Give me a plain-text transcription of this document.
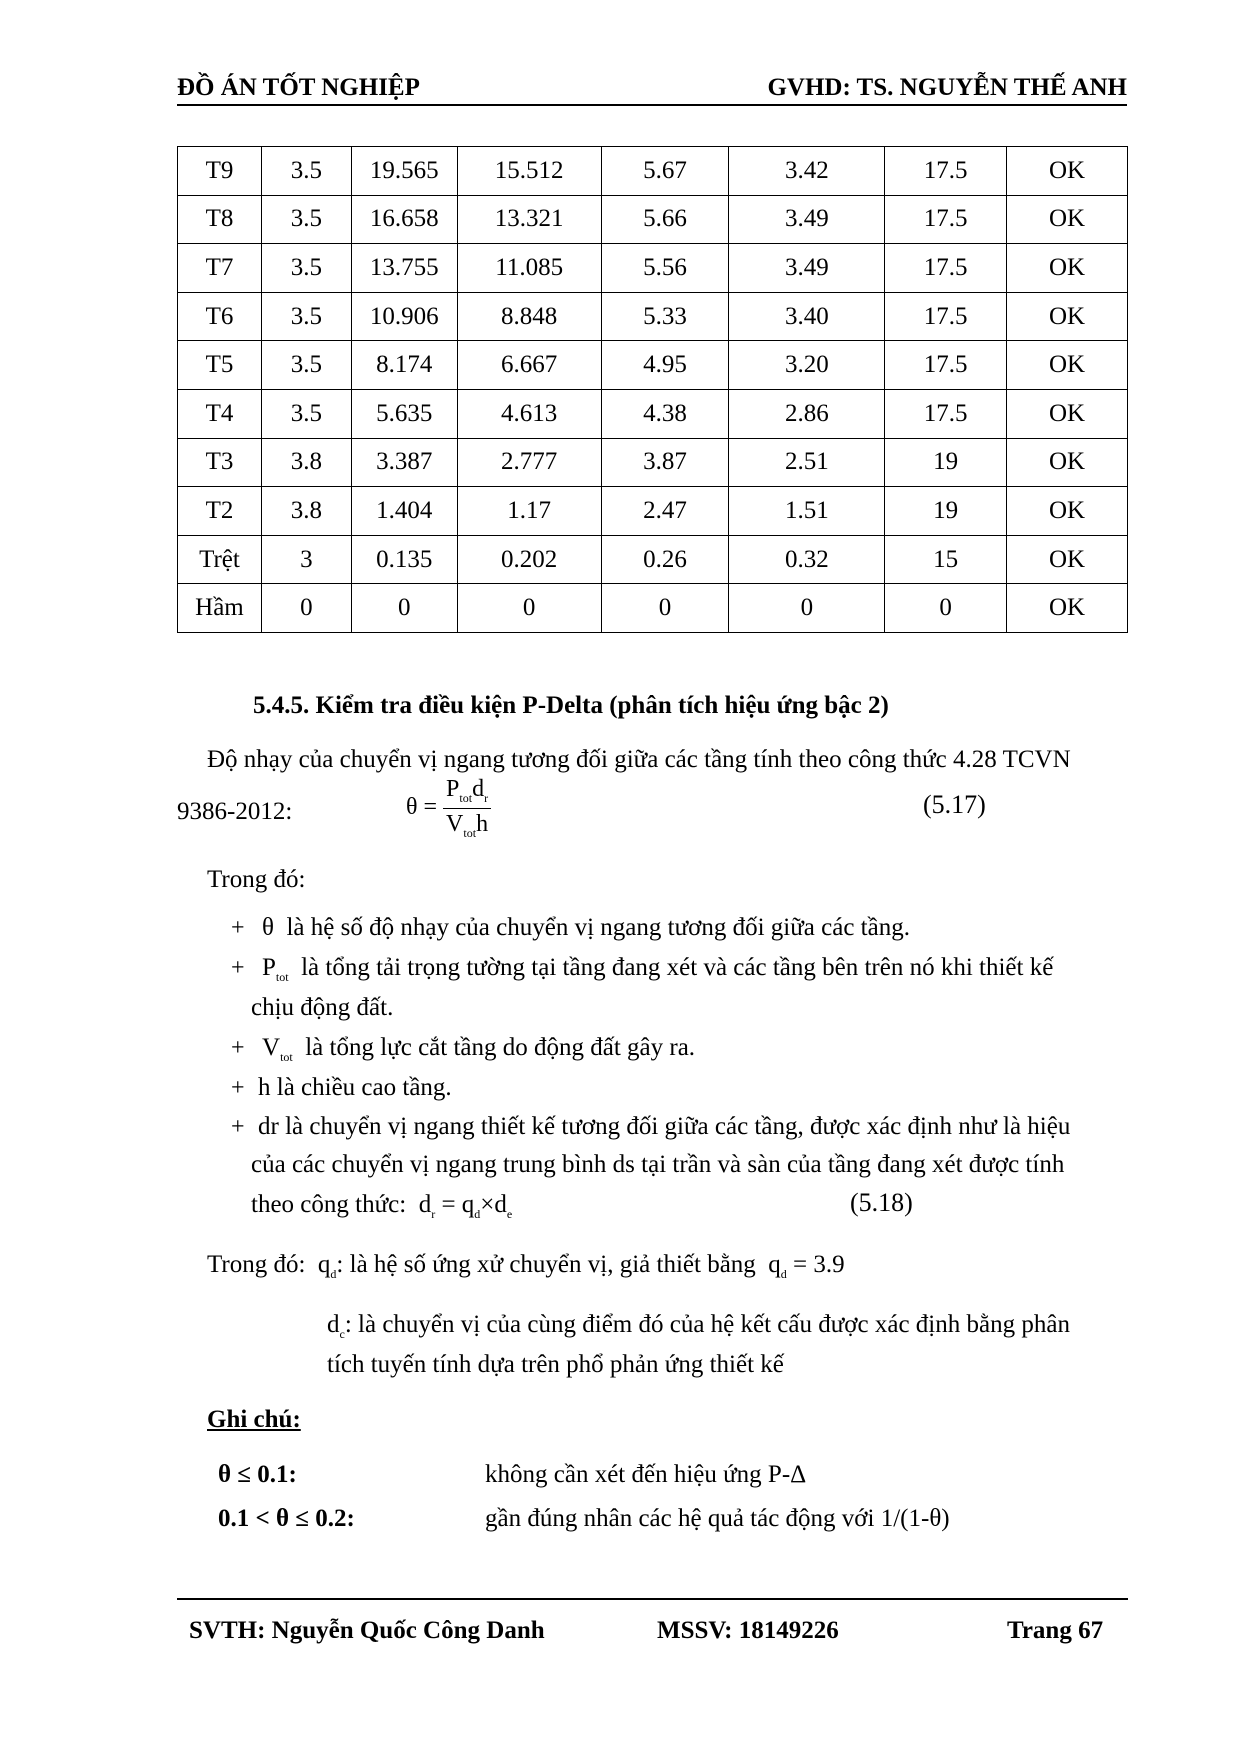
ĐỒ ÁN TỐT NGHIỆP	GVHD: TS. NGUYỄN THẾ ANH
T9	3.5	19.565	15.512	5.67	3.42	17.5	OK
T8	3.5	16.658	13.321	5.66	3.49	17.5	OK
T7	3.5	13.755	11.085	5.56	3.49	17.5	OK
T6	3.5	10.906	8.848	5.33	3.40	17.5	OK
T5	3.5	8.174	6.667	4.95	3.20	17.5	OK
T4	3.5	5.635	4.613	4.38	2.86	17.5	OK
T3	3.8	3.387	2.777	3.87	2.51	19	OK
T2	3.8	1.404	1.17	2.47	1.51	19	OK
Trệt	3	0.135	0.202	0.26	0.32	15	OK
Hầm	0	0	0	0	0	0	OK
5.4.5. Kiểm tra điều kiện P-Delta (phân tích hiệu ứng bậc 2)
Độ nhạy của chuyển vị ngang tương đối giữa các tầng tính theo công thức 4.28 TCVN
9386-2012:	$\theta = \frac{P_{tot}d_r}{V_{tot}h}$	(5.17)
Trong đó:
+ θ là hệ số độ nhạy của chuyển vị ngang tương đối giữa các tầng.
+ $P_{tot}$ là tổng tải trọng tường tại tầng đang xét và các tầng bên trên nó khi thiết kế
chịu động đất.
+ $V_{tot}$ là tổng lực cắt tầng do động đất gây ra.
+ h là chiều cao tầng.
+ dr là chuyển vị ngang thiết kế tương đối giữa các tầng, được xác định như là hiệu
của các chuyển vị ngang trung bình ds tại trần và sàn của tầng đang xét được tính
theo công thức: $d_r = q_d\times d_e$	(5.18)
Trong đó: $q_d$: là hệ số ứng xử chuyển vị, giả thiết bằng $q_d = 3.9$
$d_c$: là chuyển vị của cùng điểm đó của hệ kết cấu được xác định bằng phân
tích tuyến tính dựa trên phổ phản ứng thiết kế
Ghi chú:
θ ≤ 0.1:	không cần xét đến hiệu ứng P-Δ
0.1 < θ ≤ 0.2:	gần đúng nhân các hệ quả tác động với 1/(1-θ)
SVTH: Nguyễn Quốc Công Danh	MSSV: 18149226	Trang 67
